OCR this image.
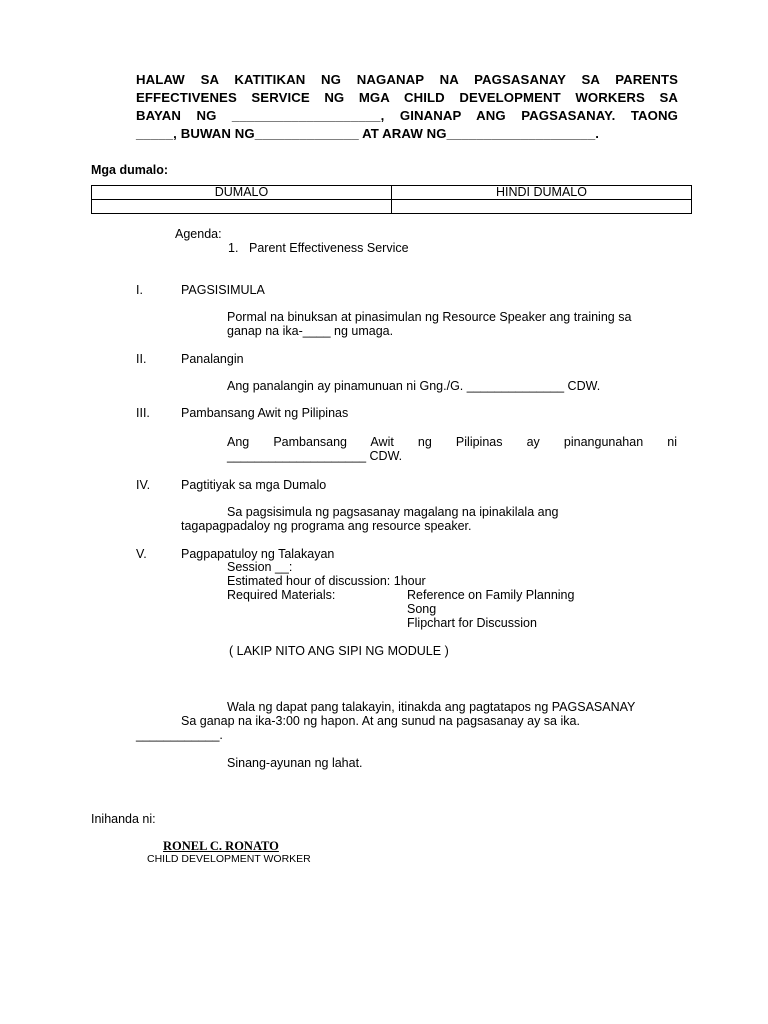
HALAW SA KATITIKAN NG NAGANAP NA PAGSASANAY SA PARENTS
EFFECTIVENES SERVICE NG MGA CHILD DEVELOPMENT WORKERS SA
BAYAN NG ____________________, GINANAP ANG PAGSASANAY. TAONG
_____, BUWAN NG______________ AT ARAW NG____________________.
Mga dumalo:
DUMALO	HINDI DUMALO

Agenda:
1. Parent Effectiveness Service
I.	PAGSISIMULA
Pormal na binuksan at pinasimulan ng Resource Speaker ang training sa
ganap na ika-____ ng umaga.
II.	Panalangin
Ang panalangin ay pinamunuan ni Gng./G. ______________ CDW.
III. Pambansang Awit ng Pilipinas
Ang Pambansang Awit ng Pilipinas ay pinangunahan ni
____________________ CDW.
IV. Pagtitiyak sa mga Dumalo
Sa pagsisimula ng pagsasanay magalang na ipinakilala ang
tagapagpadaloy ng programa ang resource speaker.
V.	Pagpapatuloy ng Talakayan
Session __:
Estimated hour of discussion: 1hour
Required Materials:	Reference on Family Planning
Song
Flipchart for Discussion
( LAKIP NITO ANG SIPI NG MODULE )
Wala ng dapat pang talakayin, itinakda ang pagtatapos ng PAGSASANAY
Sa ganap na ika-3:00 ng hapon. At ang sunud na pagsasanay ay sa ika.
____________.
Sinang-ayunan ng lahat.
Inihanda ni:
RONEL C. RONATO
CHILD DEVELOPMENT WORKER
